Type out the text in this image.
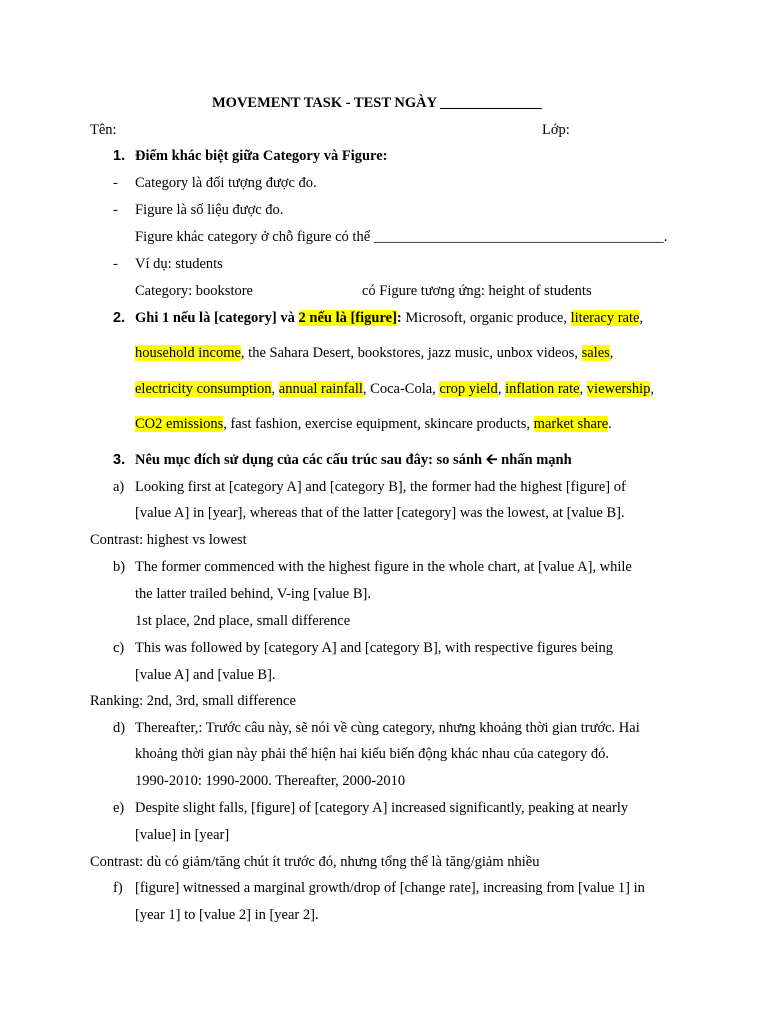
MOVEMENT TASK - TEST NGÀY ______________
Tên:	Lớp:
1. Điểm khác biệt giữa Category và Figure:
- Category là đối tượng được đo.
- Figure là số liệu được đo.
Figure khác category ở chỗ figure có thể ________________________________________.
- Ví dụ: students
Category: bookstore	có Figure tương ứng: height of students
2. Ghi 1 nếu là [category] và 2 nếu là [figure]: Microsoft, organic produce, literacy rate,
household income, the Sahara Desert, bookstores, jazz music, unbox videos, sales,
electricity consumption, annual rainfall, Coca-Cola, crop yield, inflation rate, viewership,
CO2 emissions, fast fashion, exercise equipment, skincare products, market share.
3. Nêu mục đích sử dụng của các cấu trúc sau đây: so sánh 🡨 nhấn mạnh
a) Looking first at [category A] and [category B], the former had the highest [figure] of
[value A] in [year], whereas that of the latter [category] was the lowest, at [value B].
Contrast: highest vs lowest
b) The former commenced with the highest figure in the whole chart, at [value A], while
the latter trailed behind, V-ing [value B].
1st place, 2nd place, small difference
c) This was followed by [category A] and [category B], with respective figures being
[value A] and [value B].
Ranking: 2nd, 3rd, small difference
d) Thereafter,: Trước câu này, sẽ nói về cùng category, nhưng khoảng thời gian trước. Hai
khoảng thời gian này phải thể hiện hai kiểu biến động khác nhau của category đó.
1990-2010: 1990-2000. Thereafter, 2000-2010
e) Despite slight falls, [figure] of [category A] increased significantly, peaking at nearly
[value] in [year]
Contrast: dù có giảm/tăng chút ít trước đó, nhưng tổng thể là tăng/giảm nhiều
f) [figure] witnessed a marginal growth/drop of [change rate], increasing from [value 1] in
[year 1] to [value 2] in [year 2].
